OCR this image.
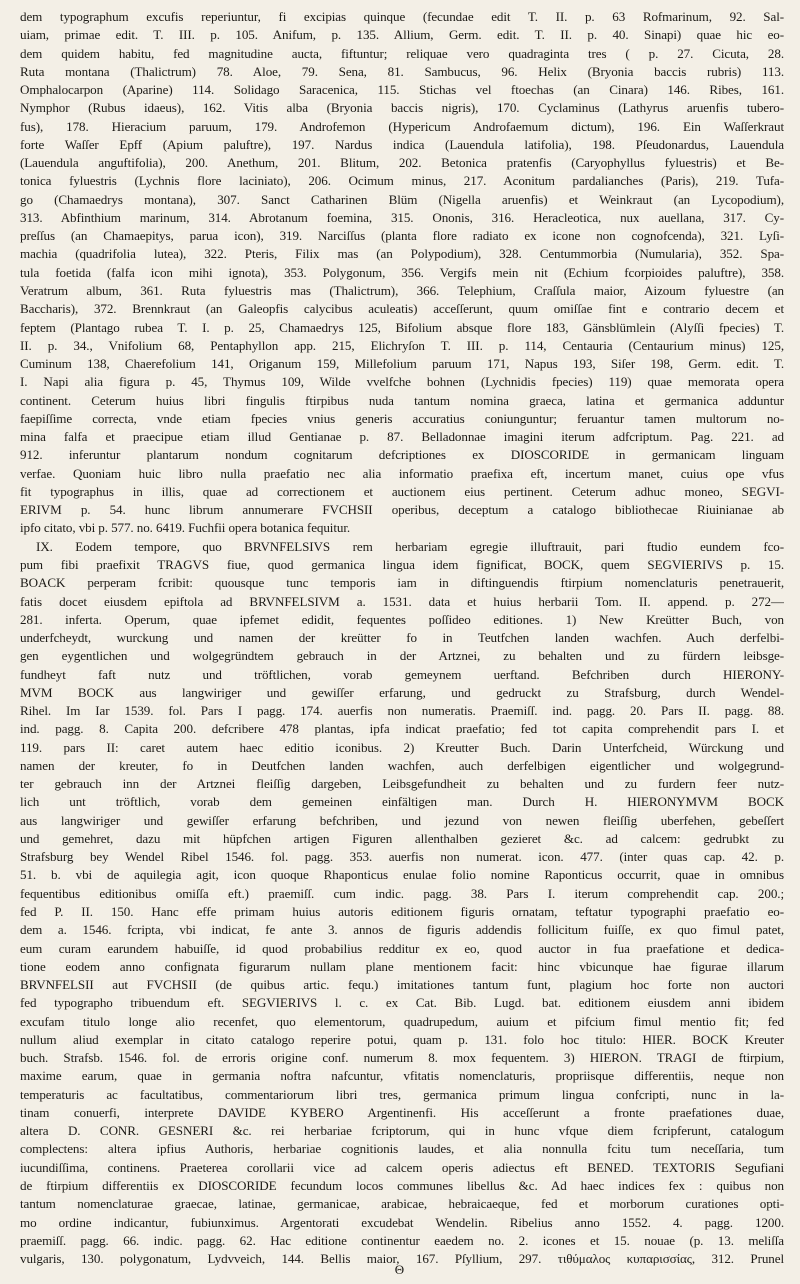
dem typographum excufis reperiuntur, fi excipias quinque (fecundae edit T. II. p. 63 Rofmarinum, 92. Sal-
uiam, primae edit. T. III. p. 105. Anifum, p. 135. Allium, Germ. edit. T. II. p. 40. Sinapi) quae hic eo-
dem quidem habitu, fed magnitudine aucta, fiftuntur; reliquae vero quadraginta tres ( p. 27. Cicuta, 28.
Ruta montana (Thalictrum) 78. Aloe, 79. Sena, 81. Sambucus, 96. Helix (Bryonia baccis rubris) 113.
Omphalocarpon (Aparine) 114. Solidago Saracenica, 115. Stichas vel ftoechas (an Cinara) 146. Ribes, 161.
Nymphor (Rubus idaeus), 162. Vitis alba (Bryonia baccis nigris), 170. Cyclaminus (Lathyrus aruenfis tubero-
fus), 178. Hieracium paruum, 179. Androfemon (Hypericum Androfaemum dictum), 196. Ein Waſſerkraut
forte Waſſer Epff (Apium paluftre), 197. Nardus indica (Lauendula latifolia), 198. Pſeudonardus, Lauendula
(Lauendula anguftifolia), 200. Anethum, 201. Blitum, 202. Betonica pratenfis (Caryophyllus fyluestris) et Be-
tonica fyluestris (Lychnis flore laciniato), 206. Ocimum minus, 217. Aconitum pardalianches (Paris), 219. Tufa-
go (Chamaedrys montana), 307. Sanct Catharinen Blüm (Nigella aruenfis) et Weinkraut (an Lycopodium),
313. Abfinthium marinum, 314. Abrotanum foemina, 315. Ononis, 316. Heracleotica, nux auellana, 317. Cy-
preſſus (an Chamaepitys, parua icon), 319. Narciſſus (planta flore radiato ex icone non cognofcenda), 321. Lyſi-
machia (quadrifolia lutea), 322. Pteris, Filix mas (an Polypodium), 328. Centummorbia (Numularia), 352. Spa-
tula foetida (falfa icon mihi ignota), 353. Polygonum, 356. Vergifs mein nit (Echium fcorpioides paluftre), 358.
Veratrum album, 361. Ruta fyluestris mas (Thalictrum), 366. Telephium, Craſſula maior, Aizoum fyluestre (an
Baccharis), 372. Brennkraut (an Galeopfis calycibus aculeatis) acceſſerunt, quum omiſſae fint e contrario decem et
feptem (Plantago rubea T. I. p. 25, Chamaedrys 125, Bifolium absque flore 183, Gänsblümlein (Alyſſi fpecies) T.
II. p. 34., Vnifolium 68, Pentaphyllon app. 215, Elichryſon T. III. p. 114, Centauria (Centaurium minus) 125,
Cuminum 138, Chaerefolium 141, Origanum 159, Millefolium paruum 171, Napus 193, Siſer 198, Germ. edit. T.
I. Napi alia figura p. 45, Thymus 109, Wilde vvelfche bohnen (Lychnidis fpecies) 119) quae memorata opera
continent. Ceterum huius libri fingulis ftirpibus nuda tantum nomina graeca, latina et germanica adduntur
faepiſſime correcta, vnde etiam fpecies vnius generis accuratius coniunguntur; feruantur tamen multorum no-
mina falfa et praecipue etiam illud Gentianae p. 87. Belladonnae imagini iterum adfcriptum. Pag. 221. ad
912. inferuntur plantarum nondum cognitarum defcriptiones ex DIOSCORIDE in germanicam linguam
verfae. Quoniam huic libro nulla praefatio nec alia informatio praefixa eft, incertum manet, cuius ope vfus
fit typographus in illis, quae ad correctionem et auctionem eius pertinent. Ceterum adhuc moneo, SEGVI-
ERIVM p. 54. hunc librum annumerare FVCHSII operibus, deceptum a catalogo bibliothecae Riuinianae ab
ipfo citato, vbi p. 577. no. 6419. Fuchfii opera botanica fequitur.
IX. Eodem tempore, quo BRVNFELSIVS rem herbariam egregie illuftrauit, pari ftudio eundem fco-
pum fibi praefixit TRAGVS fiue, quod germanica lingua idem fignificat, BOCK, quem SEGVIERIVS p. 15.
BOACK perperam fcribit: quousque tunc temporis iam in diftinguendis ftirpium nomenclaturis penetrauerit,
fatis docet eiusdem epiftola ad BRVNFELSIVM a. 1531. data et huius herbarii Tom. II. append. p. 272—
281. inferta. Operum, quae ipfemet edidit, fequentes poſſideo editiones. 1) New Kreütter Buch, von
underfcheydt, wurckung und namen der kreütter fo in Teutfchen landen wachfen. Auch derfelbi-
gen eygentlichen und wolgegründtem gebrauch in der Artznei, zu behalten und zu fürdern leibsge-
fundheyt faft nutz und tröftlichen, vorab gemeynem uerftand. Befchriben durch HIERONY-
MVM BOCK aus langwiriger und gewiſſer erfarung, und gedruckt zu Strafsburg, durch Wendel-
Rihel. Im Iar 1539. fol. Pars I pagg. 174. auerfis non numeratis. Praemiſſ. ind. pagg. 20. Pars II. pagg. 88.
ind. pagg. 8. Capita 200. defcribere 478 plantas, ipfa indicat praefatio; fed tot capita comprehendit pars I. et
119. pars II: caret autem haec editio iconibus. 2) Kreutter Buch. Darin Unterfcheid, Würckung und
namen der kreuter, fo in Deutfchen landen wachfen, auch derfelbigen eigentlicher und wolgegrund-
ter gebrauch inn der Artznei fleiſſig dargeben, Leibsgefundheit zu behalten und zu furdern feer nutz-
lich unt tröftlich, vorab dem gemeinen einfältigen man. Durch H. HIERONYMVM BOCK
aus langwiriger und gewiſſer erfarung befchriben, und jezund von newen fleiſſig uberfehen, gebeſſert
und gemehret, dazu mit hüpfchen artigen Figuren allenthalben gezieret &c. ad calcem: gedrubkt zu
Strafsburg bey Wendel Ribel 1546. fol. pagg. 353. auerfis non numerat. icon. 477. (inter quas cap. 42. p.
51. b. vbi de aquilegia agit, icon quoque Rhaponticus enulae folio nomine Raponticus occurrit, quae in omnibus
fequentibus editionibus omiſſa eft.) praemiſſ. cum indic. pagg. 38. Pars I. iterum comprehendit cap. 200.;
fed P. II. 150. Hanc effe primam huius autoris editionem figuris ornatam, teftatur typographi praefatio eo-
dem a. 1546. fcripta, vbi indicat, fe ante 3. annos de figuris addendis follicitum fuiſſe, ex quo fimul patet,
eum curam earundem habuiſſe, id quod probabilius redditur ex eo, quod auctor in fua praefatione et dedica-
tione eodem anno confignata figurarum nullam plane mentionem facit: hinc vbicunque hae figurae illarum
BRVNFELSII aut FVCHSII (de quibus artic. fequ.) imitationes tantum funt, plagium hoc forte non auctori
fed typographo tribuendum eft. SEGVIERIVS l. c. ex Cat. Bib. Lugd. bat. editionem eiusdem anni ibidem
excufam titulo longe alio recenfet, quo elementorum, quadrupedum, auium et pifcium fimul mentio fit; fed
nullum aliud exemplar in citato catalogo reperire potui, quam p. 131. folo hoc titulo: HIER. BOCK Kreuter
buch. Strafsb. 1546. fol. de erroris origine conf. numerum 8. mox fequentem. 3) HIERON. TRAGI de ftirpium,
maxime earum, quae in germania noftra nafcuntur, vfitatis nomenclaturis, propriisque differentiis, neque non
temperaturis ac facultatibus, commentariorum libri tres, germanica primum lingua confcripti, nunc in la-
tinam conuerfi, interprete DAVIDE KYBERO Argentinenfi. His acceſſerunt a fronte praefationes duae,
altera D. CONR. GESNERI &c. rei herbariae fcriptorum, qui in hunc vfque diem fcripferunt, catalogum
complectens: altera ipfius Authoris, herbariae cognitionis laudes, et alia nonnulla fcitu tum neceſſaria, tum
iucundiſſima, continens. Praeterea corollarii vice ad calcem operis adiectus eft BENED. TEXTORIS Segufiani
de ftirpium differentiis ex DIOSCORIDE fecundum locos communes libellus &c. Ad haec indices fex : quibus non
tantum nomenclaturae graecae, latinae, germanicae, arabicae, hebraicaeque, fed et morborum curationes opti-
mo ordine indicantur, fubiunximus. Argentorati excudebat Wendelin. Ribelius anno 1552. 4. pagg. 1200.
praemiſſ. pagg. 66. indic. pagg. 62. Hac editione continentur eaedem no. 2. icones et 15. nouae (p. 13. meliſſa
vulgaris, 130. polygonatum, Lydvveich, 144. Bellis maior, 167. Pſyllium, 297. τιθύμαλος κυπαρισσίας, 312. Prunel
Θ
